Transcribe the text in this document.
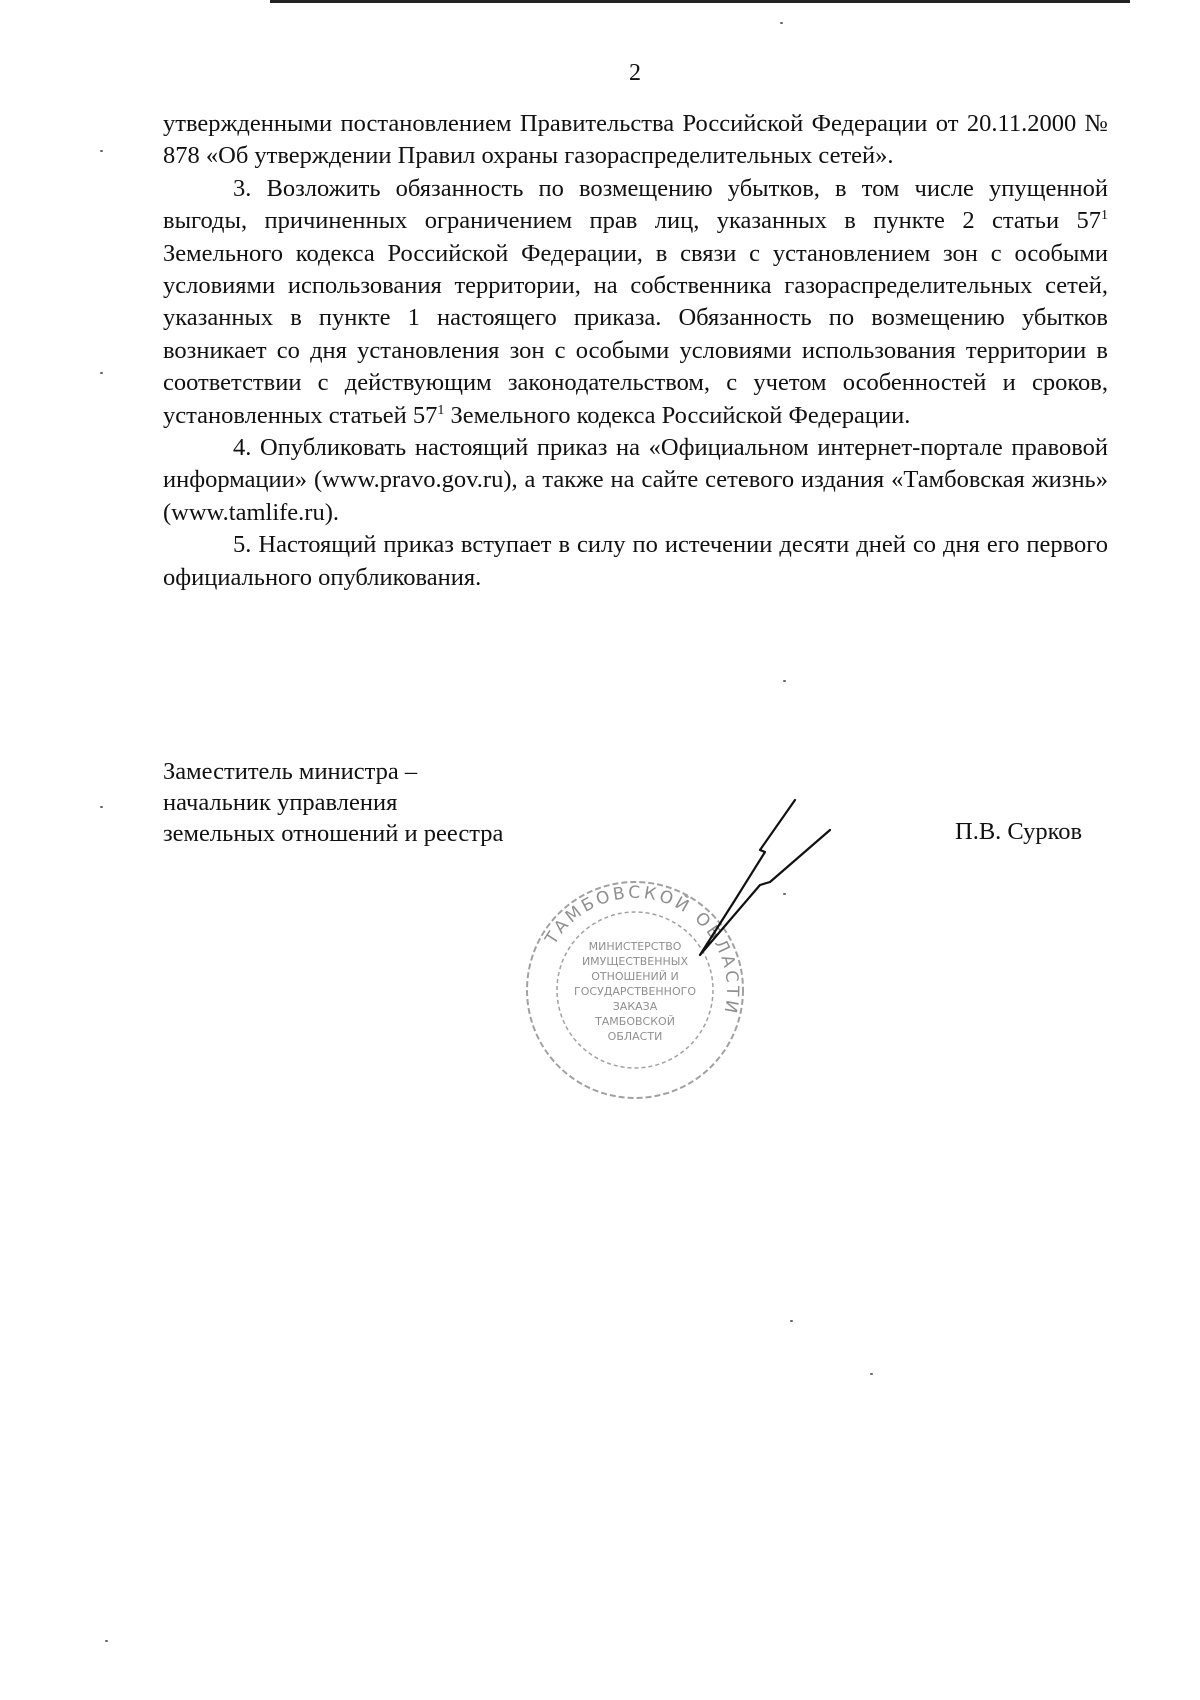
2

утвержденными постановлением Правительства Российской Федерации от 20.11.2000 № 878 «Об утверждении Правил охраны газораспределительных сетей».

3. Возложить обязанность по возмещению убытков, в том числе упущенной выгоды, причиненных ограничением прав лиц, указанных в пункте 2 статьи $57^1$ Земельного кодекса Российской Федерации, в связи с установлением зон с особыми условиями использования территории, на собственника газораспределительных сетей, указанных в пункте 1 настоящего приказа. Обязанность по возмещению убытков возникает со дня установления зон с особыми условиями использования территории в соответствии с действующим законодательством, с учетом особенностей и сроков, установленных статьей $57^1$ Земельного кодекса Российской Федерации.

4. Опубликовать настоящий приказ на «Официальном интернет-портале правовой информации» (www.pravo.gov.ru), а также на сайте сетевого издания «Тамбовская жизнь» (www.tamlife.ru).

5. Настоящий приказ вступает в силу по истечении десяти дней со дня его первого официального опубликования.

Заместитель министра –
начальник управления
земельных отношений и реестра	П.В. Сурков
ТАМБОВСКОЙ ОБЛАСТИ
МИНИСТЕРСТВО
ИМУЩЕСТВЕННЫХ
ОТНОШЕНИЙ И
ГОСУДАРСТВЕННОГО
ЗАКАЗА
ТАМБОВСКОЙ
ОБЛАСТИ
